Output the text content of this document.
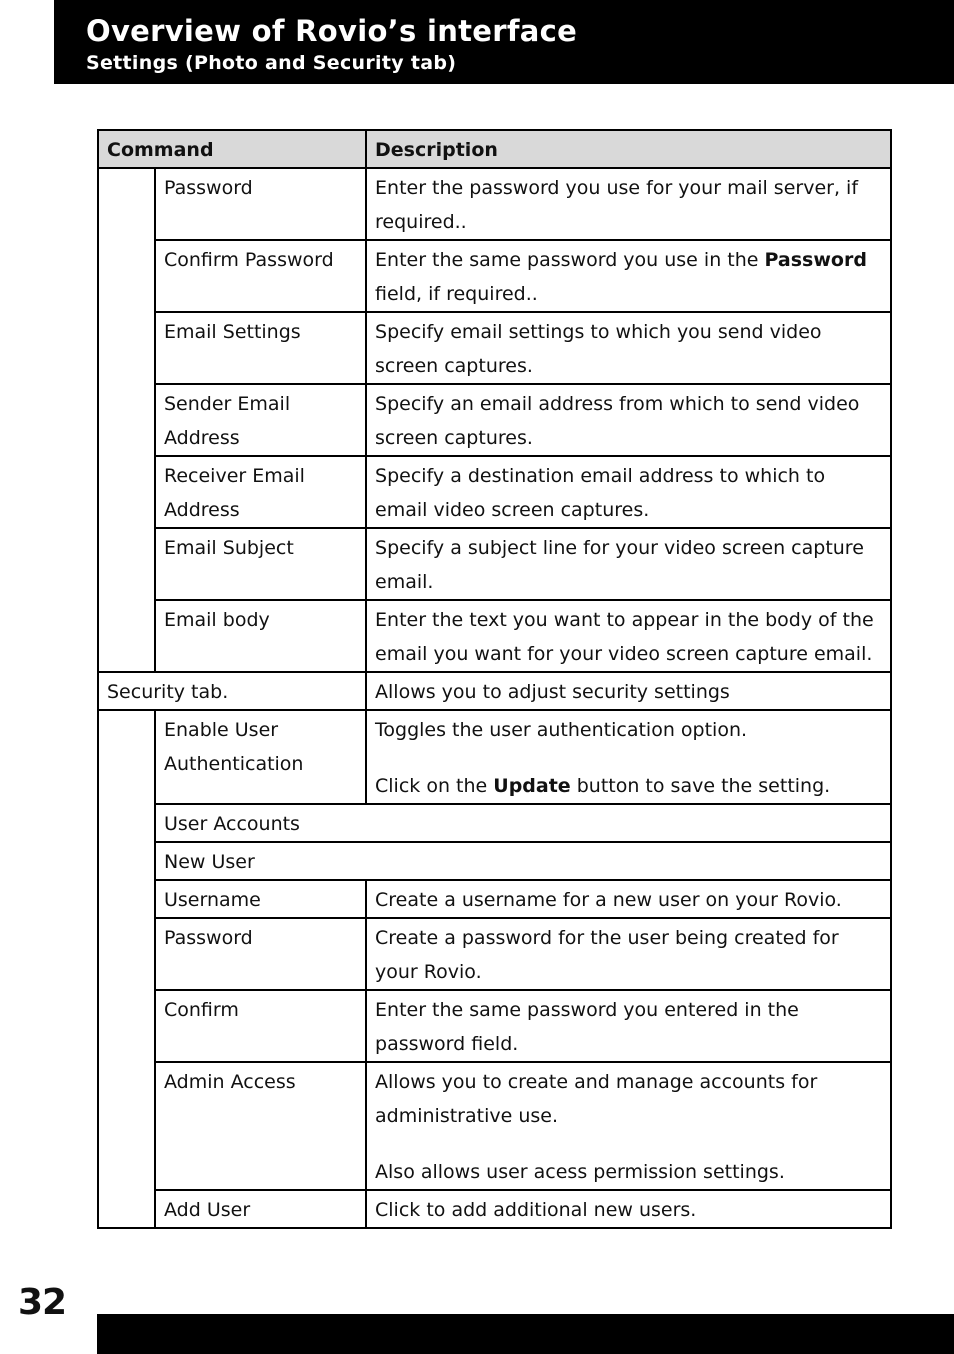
Overview of Rovio’s interface
Settings (Photo and Security tab)
Command		Description
	Password	Enter the password you use for your mail server, if required..
	Confirm Password	Enter the same password you use in the Password field, if required..
	Email Settings	Specify email settings to which you send video screen captures.
	Sender Email Address	Specify an email address from which to send video screen captures.
	Receiver Email Address	Specify a destination email address to which to email video screen captures.
	Email Subject	Specify a subject line for your video screen capture email.
	Email body	Enter the text you want to appear in the body of the email you want for your video screen capture email.
Security tab.		Allows you to adjust security settings
	Enable User Authentication	Toggles the user authentication option.
Click on the Update button to save the setting.

	User Accounts	
	New User	
	Username	Create a username for a new user on your Rovio.
	Password	Create a password for the user being created for your Rovio.
	Confirm	Enter the same password you entered in the password field.
	Admin Access	Allows you to create and manage accounts for administrative use.
Also allows user acess permission settings.

	Add User	Click to add additional new users.
32
